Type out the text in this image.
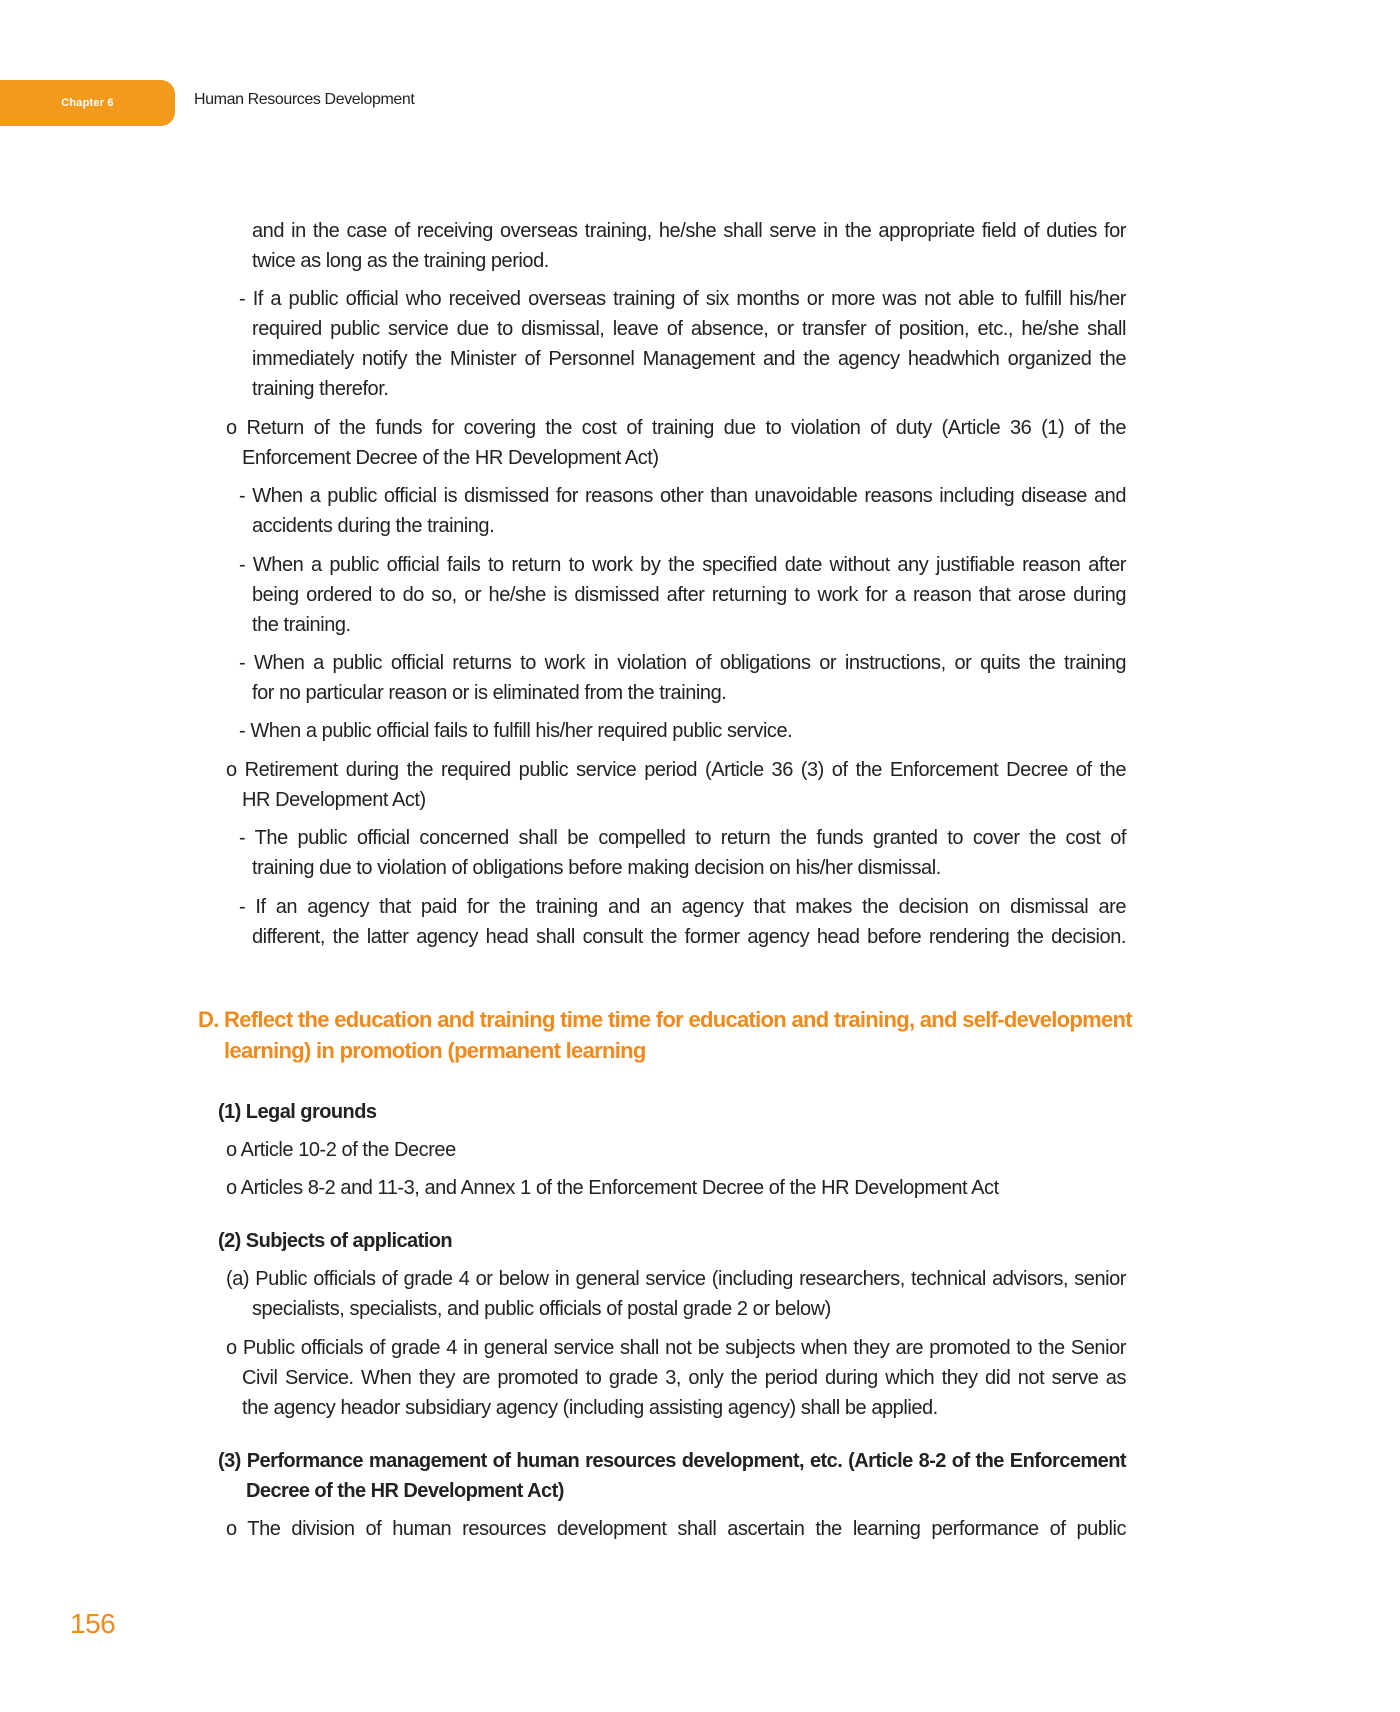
Chapter 6	Human Resources Development
and in the case of receiving overseas training, he/she shall serve in the appropriate field of duties for
twice as long as the training period.
- If a public official who received overseas training of six months or more was not able to fulfill his/her
required public service due to dismissal, leave of absence, or transfer of position, etc., he/she shall
immediately notify the Minister of Personnel Management and the agency headwhich organized the
training therefor.
o Return of the funds for covering the cost of training due to violation of duty (Article 36 (1) of the
Enforcement Decree of the HR Development Act)
- When a public official is dismissed for reasons other than unavoidable reasons including disease and
accidents during the training.
- When a public official fails to return to work by the specified date without any justifiable reason after
being ordered to do so, or he/she is dismissed after returning to work for a reason that arose during
the training.
- When a public official returns to work in violation of obligations or instructions, or quits the training
for no particular reason or is eliminated from the training.
- When a public official fails to fulfill his/her required public service.
o Retirement during the required public service period (Article 36 (3) of the Enforcement Decree of the
HR Development Act)
- The public official concerned shall be compelled to return the funds granted to cover the cost of
training due to violation of obligations before making decision on his/her dismissal.
- If an agency that paid for the training and an agency that makes the decision on dismissal are
different, the latter agency head shall consult the former agency head before rendering the decision.
D. Reflect the education and training time time for education and training, and self-development
learning) in promotion (permanent learning
(1) Legal grounds
o Article 10-2 of the Decree
o Articles 8-2 and 11-3, and Annex 1 of the Enforcement Decree of the HR Development Act
(2) Subjects of application
(a) Public officials of grade 4 or below in general service (including researchers, technical advisors, senior
specialists, specialists, and public officials of postal grade 2 or below)
o Public officials of grade 4 in general service shall not be subjects when they are promoted to the Senior
Civil Service. When they are promoted to grade 3, only the period during which they did not serve as
the agency heador subsidiary agency (including assisting agency) shall be applied.
(3) Performance management of human resources development, etc. (Article 8-2 of the Enforcement
Decree of the HR Development Act)
o The division of human resources development shall ascertain the learning performance of public
156
